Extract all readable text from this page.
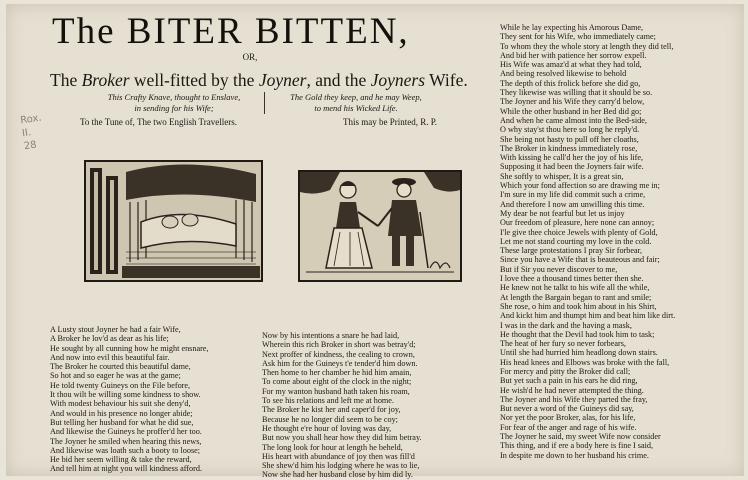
The BITER BITTEN,
OR,
The Broker well-fitted by the Joyner, and the Joyners Wife.
This Crafty Knave, thought to Enslave,
in sending for his Wife;
The Gold they keep, and he may Weep,
to mend his Wicked Life.
To the Tune of, The two English Travellers.	This may be Printed, R. P.
Rox.
II.
28
A Lusty stout Joyner he had a fair Wife,
A Broker he lov'd as dear as his life;
He sought by all cunning how he might ensnare,
And now into evil this beautiful fair.
The Broker he courted this beautiful dame,
So hot and so eager he was at the game;
He told twenty Guineys on the File before,
It thou wilt be willing some kindness to show.
With modest behaviour his suit she deny'd,
And would in his presence no longer abide;
But telling her husband for what he did sue,
And likewise the Guineys he proffer'd her too.
The Joyner he smiled when hearing this news,
And likewise was loath such a booty to loose;
He bid her seem willing & take the reward,
And tell him at night you will kindness afford.
Now by his intentions a snare he had laid,
Wherein this rich Broker in short was betray'd;
Next proffer of kindness, the cealing to crown,
Ask him for the Guineys t'e tender'd him down.
Then home to her chamber he hid him amain,
To come about eight of the clock in the night;
For my wanton husband hath taken his roam,
To see his relations and left me at home.
The Broker he kist her and caper'd for joy,
Because he no longer did seem to be coy;
He thought e're hour of loving was day,
But now you shall hear how they did him betray.
The long look for hour at length he beheld,
His heart with abundance of joy then was fill'd
She shew'd him his lodging where he was to lie,
Now she had her husband close by him did ly.
While he lay expecting his Amorous Dame,
They sent for his Wife, who immediately came;
To whom they the whole story at length they did tell,
And bid her with patience her sorrow expell.
His Wife was amaz'd at what they had told,
And being resolved likewise to behold
The depth of this frolick before she did go,
They likewise was willing that it should be so.
The Joyner and his Wife they carry'd below,
While the other husband in her Bed did go;
And when he came almost into the Bed-side,
O why stay'st thou here so long he reply'd.
She being not hasty to pull off her cloaths,
The Broker in kindness immediately rose,
With kissing he call'd her the joy of his life,
Supposing it had been the Joyners fair wife.
She softly to whisper, It is a great sin,
Which your fond affection so are drawing me in;
I'm sure in my life did commit such a crime,
And therefore I now am unwilling this time.
My dear be not fearful but let us injoy
Our freedom of pleasure, here none can annoy;
I'le give thee choice Jewels with plenty of Gold,
Let me not stand courting my love in the cold.
These large protestations I pray Sir forbear,
Since you have a Wife that is beauteous and fair;
But if Sir you never discover to me,
I love thee a thousand times better then she.
He knew not he talkt to his wife all the while,
At length the Bargain began to rant and smile;
She rose, o him and took him about in his Shirt,
And kickt him and thumpt him and beat him like dirt.
I was in the dark and the having a mask,
He thought that the Devil had took him to task;
The heat of her fury so never forbears,
Until she had hurried him headlong down stairs.
His head knees and Elbows was broke with the fall,
For mercy and pitty the Broker did call;
But yet such a pain in his ears he did ring,
He wish'd he had never attempted the thing.
The Joyner and his Wife they parted the fray,
But never a word of the Guineys did say,
Nor yet the poor Broker, alas, for his life,
For fear of the anger and rage of his wife.
The Joyner he said, my sweet Wife now consider
This thing, and if ere a body here is fine I said,
In despite me down to her husband his crime.
